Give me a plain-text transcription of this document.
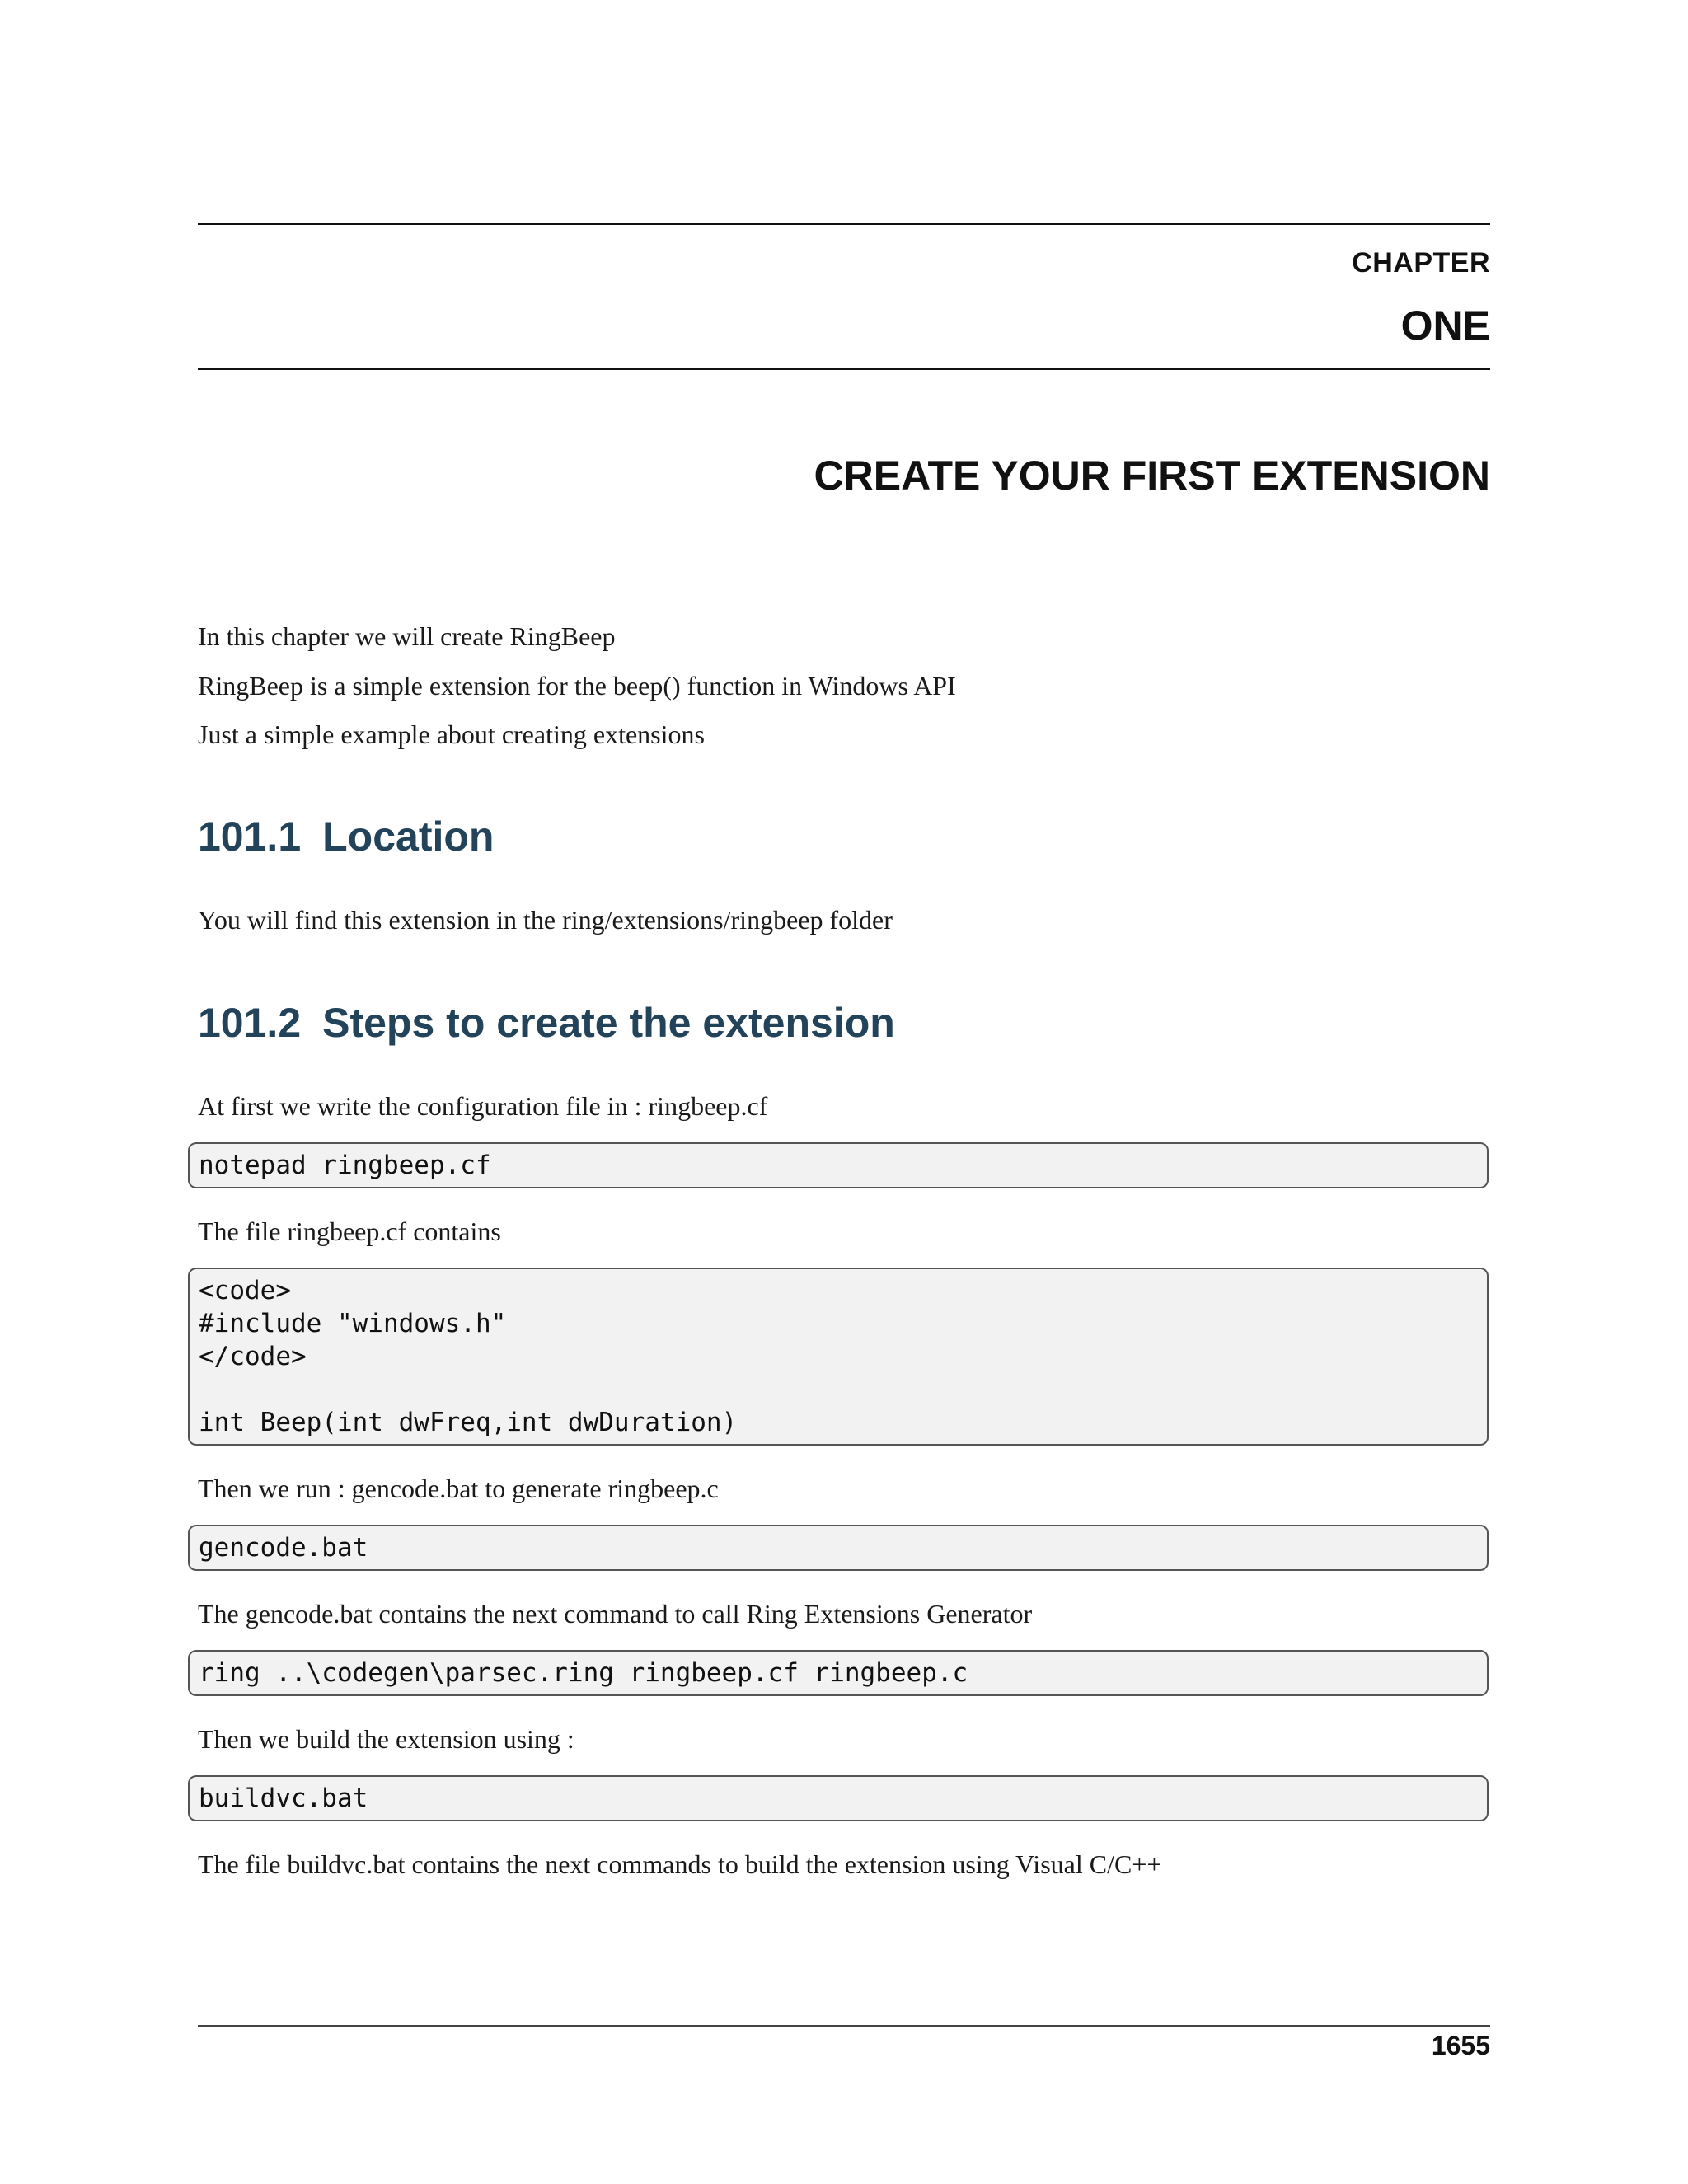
CHAPTER
ONE
CREATE YOUR FIRST EXTENSION
In this chapter we will create RingBeep
RingBeep is a simple extension for the beep() function in Windows API
Just a simple example about creating extensions
101.1 Location
You will find this extension in the ring/extensions/ringbeep folder
101.2 Steps to create the extension
At first we write the configuration file in : ringbeep.cf
notepad ringbeep.cf
The file ringbeep.cf contains
<code>
#include "windows.h"
</code>
int Beep(int dwFreq,int dwDuration)
Then we run : gencode.bat to generate ringbeep.c
gencode.bat
The gencode.bat contains the next command to call Ring Extensions Generator
ring ..\codegen\parsec.ring ringbeep.cf ringbeep.c
Then we build the extension using :
buildvc.bat
The file buildvc.bat contains the next commands to build the extension using Visual C/C++
1655
